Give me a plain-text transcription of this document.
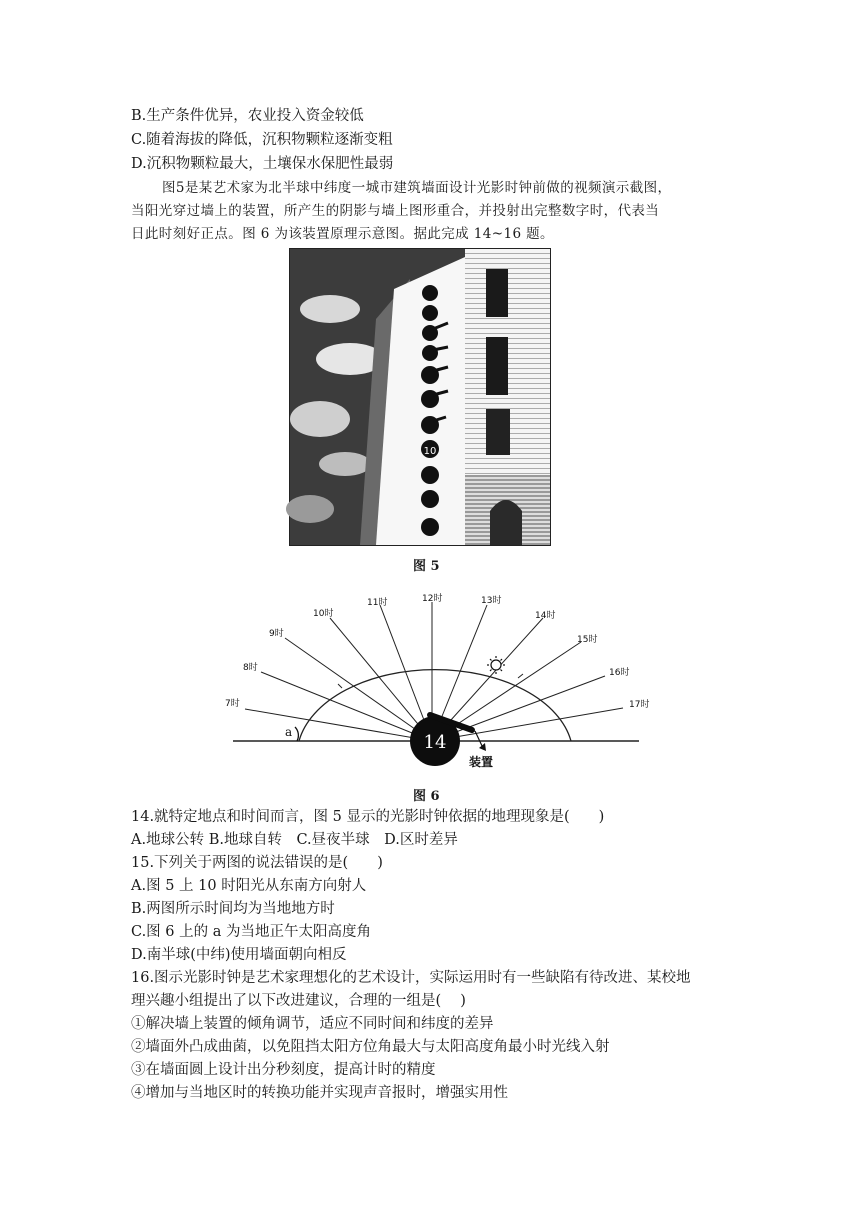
B.生产条件优异，农业投入资金较低
C.随着海拔的降低，沉积物颗粒逐渐变粗
D.沉积物颗粒最大，土壤保水保肥性最弱
图5是某艺术家为北半球中纬度一城市建筑墙面设计光影时钟前做的视频演示截图，
当阳光穿过墙上的装置，所产生的阴影与墙上图形重合，并投射出完整数字时，代表当
日此时刻好正点。图 6 为该装置原理示意图。据此完成 14~16 题。
10
图 5
7时
8时
9时
10时
11时	12时	13时
14时
15时
16时
17时
a	14
装置
图 6
14.就特定地点和时间而言，图 5 显示的光影时钟依据的地理现象是(　　)
A.地球公转 B.地球自转　C.昼夜半球　D.区时差异
15.下列关于两图的说法错误的是(　　)
A.图 5 上 10 时阳光从东南方向射人
B.两图所示时间均为当地地方时
C.图 6 上的 a 为当地正午太阳高度角
D.南半球(中纬)使用墙面朝向相反
16.图示光影时钟是艺术家理想化的艺术设计，实际运用时有一些缺陷有待改进、某校地
理兴趣小组提出了以下改进建议，合理的一组是(　 )
①解决墙上装置的倾角调节，适应不同时间和纬度的差异
②墙面外凸成曲菌，以免阻挡太阳方位角最大与太阳高度角最小时光线入射
③在墙面圆上设计出分秒刻度，提高计时的精度
④增加与当地区时的转换功能并实现声音报时，增强实用性
